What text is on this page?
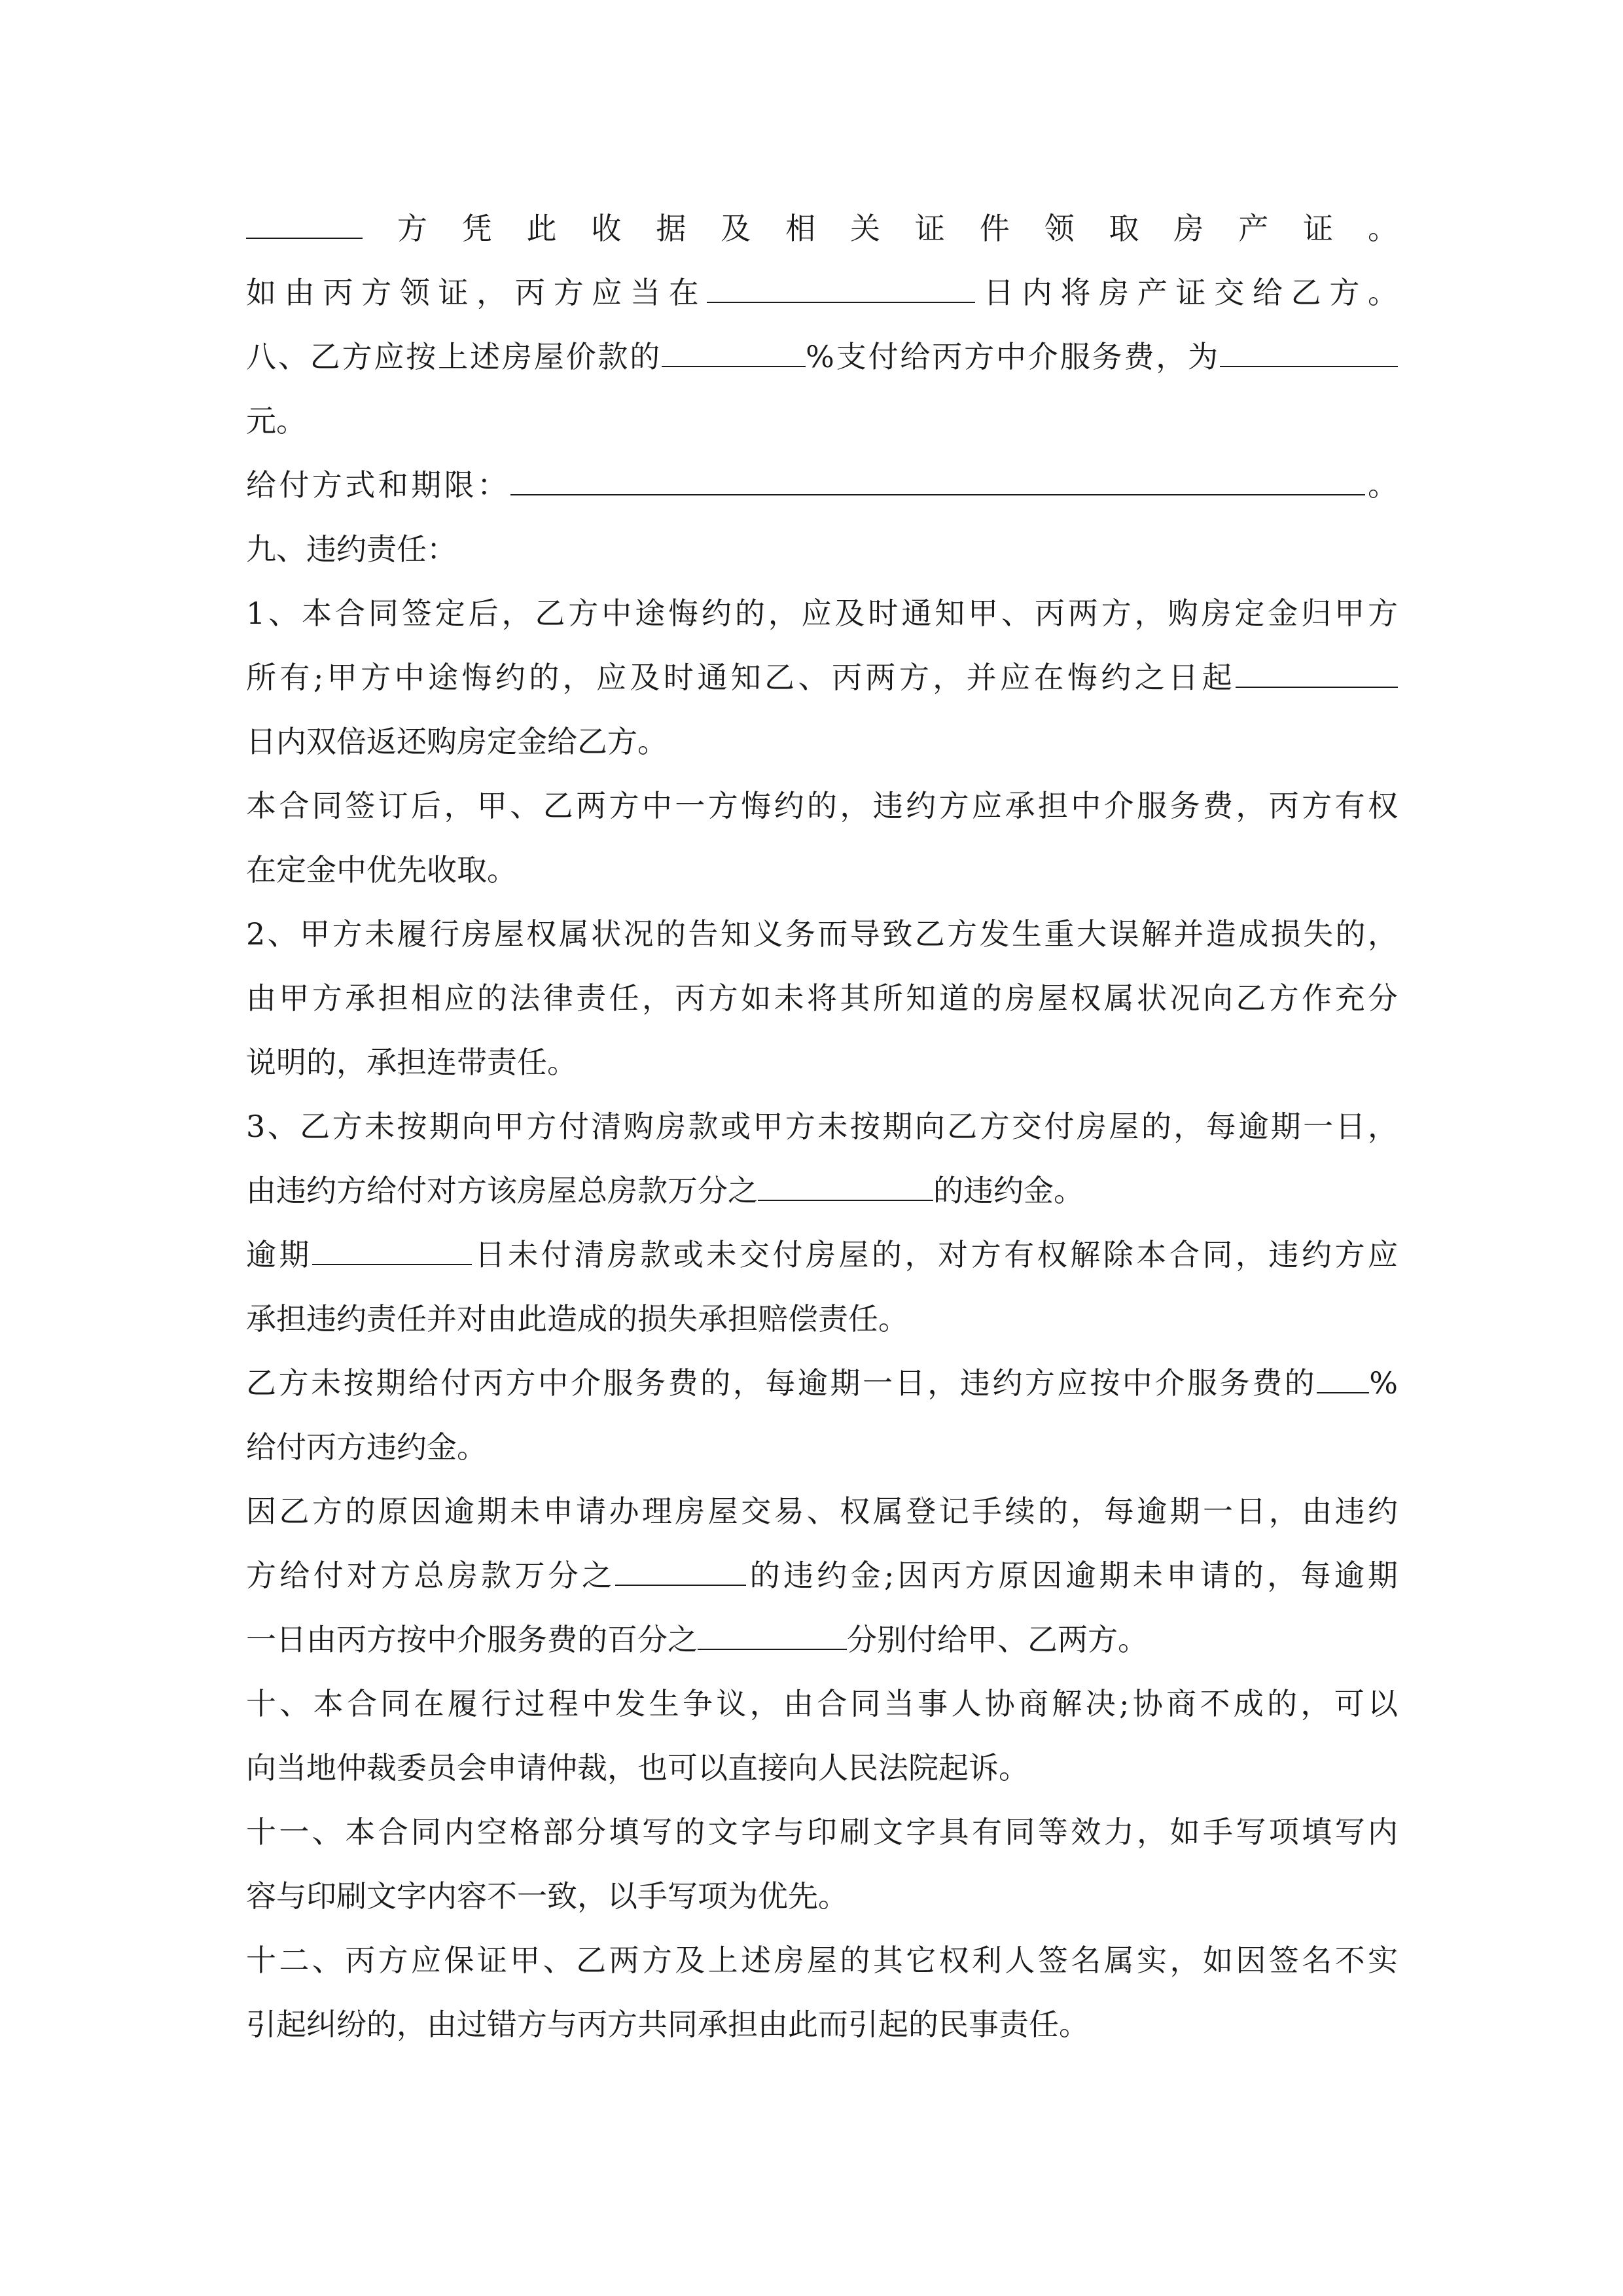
方凭此收据及相关证件领取房产证。
如由丙方领证，丙方应当在	日内将房产证交给乙方。
八、乙方应按上述房屋价款的	%支付给丙方中介服务费，为
元。
给付方式和期限：	。
九、违约责任：
1、本合同签定后，乙方中途悔约的，应及时通知甲、丙两方，购房定金归甲方
所有;甲方中途悔约的，应及时通知乙、丙两方，并应在悔约之日起
日内双倍返还购房定金给乙方。
本合同签订后，甲、乙两方中一方悔约的，违约方应承担中介服务费，丙方有权
在定金中优先收取。
2、甲方未履行房屋权属状况的告知义务而导致乙方发生重大误解并造成损失的，
由甲方承担相应的法律责任，丙方如未将其所知道的房屋权属状况向乙方作充分
说明的，承担连带责任。
3、乙方未按期向甲方付清购房款或甲方未按期向乙方交付房屋的，每逾期一日，
由违约方给付对方该房屋总房款万分之	的违约金。
逾期	日未付清房款或未交付房屋的，对方有权解除本合同，违约方应
承担违约责任并对由此造成的损失承担赔偿责任。
乙方未按期给付丙方中介服务费的，每逾期一日，违约方应按中介服务费的 %
给付丙方违约金。
因乙方的原因逾期未申请办理房屋交易、权属登记手续的，每逾期一日，由违约
方给付对方总房款万分之	的违约金;因丙方原因逾期未申请的，每逾期
一日由丙方按中介服务费的百分之	分别付给甲、乙两方。
十、本合同在履行过程中发生争议，由合同当事人协商解决;协商不成的，可以
向当地仲裁委员会申请仲裁，也可以直接向人民法院起诉。
十一、本合同内空格部分填写的文字与印刷文字具有同等效力，如手写项填写内
容与印刷文字内容不一致，以手写项为优先。
十二、丙方应保证甲、乙两方及上述房屋的其它权利人签名属实，如因签名不实
引起纠纷的，由过错方与丙方共同承担由此而引起的民事责任。
